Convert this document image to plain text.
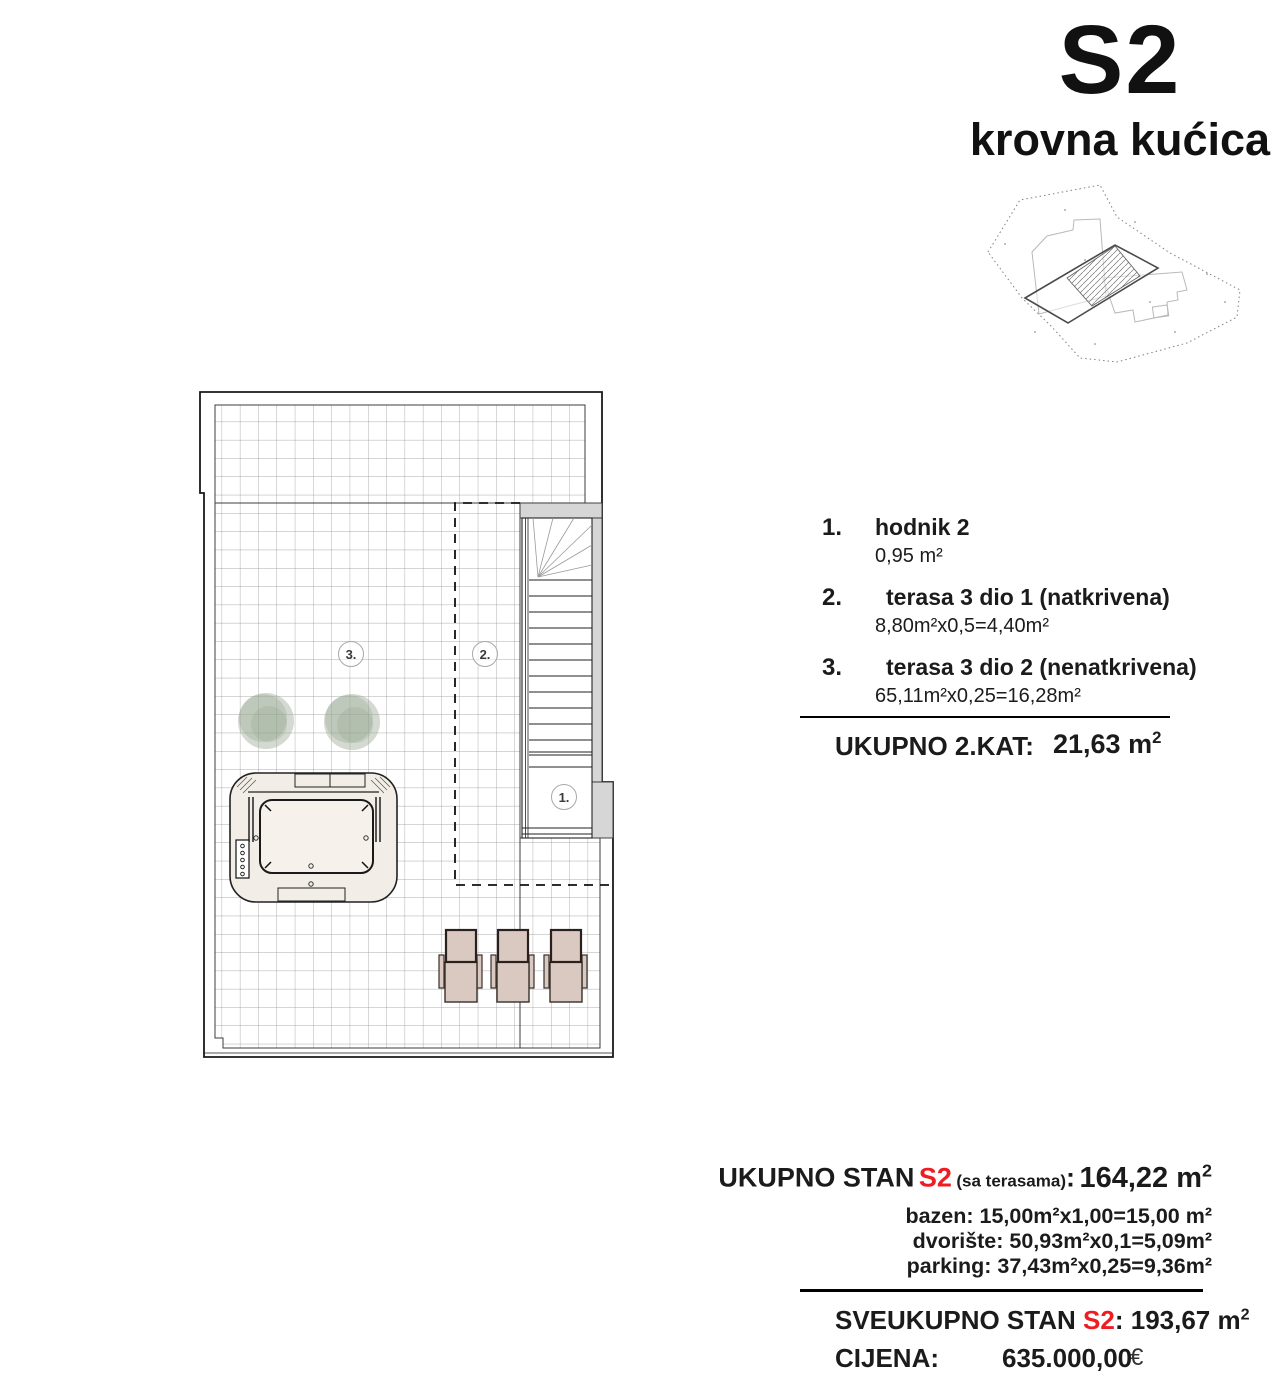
S2
krovna kućica
3.	2.
1.
1.	hodnik 2
0,95 m²
2.	terasa 3 dio 1 (natkrivena)
8,80m²x0,5=4,40m²
3.	terasa 3 dio 2 (nenatkrivena)
65,11m²x0,25=16,28m²
UKUPNO 2.KAT: 21,63 $m^2$
UKUPNO STAN S2 (sa terasama): 164,22 $m^2$
bazen: 15,00m²x1,00=15,00 m²
dvorište: 50,93m²x0,1=5,09m²
parking: 37,43m²x0,25=9,36m²
SVEUKUPNO STAN S2: 193,67 $m^2$
CIJENA: 635.000,00
€
